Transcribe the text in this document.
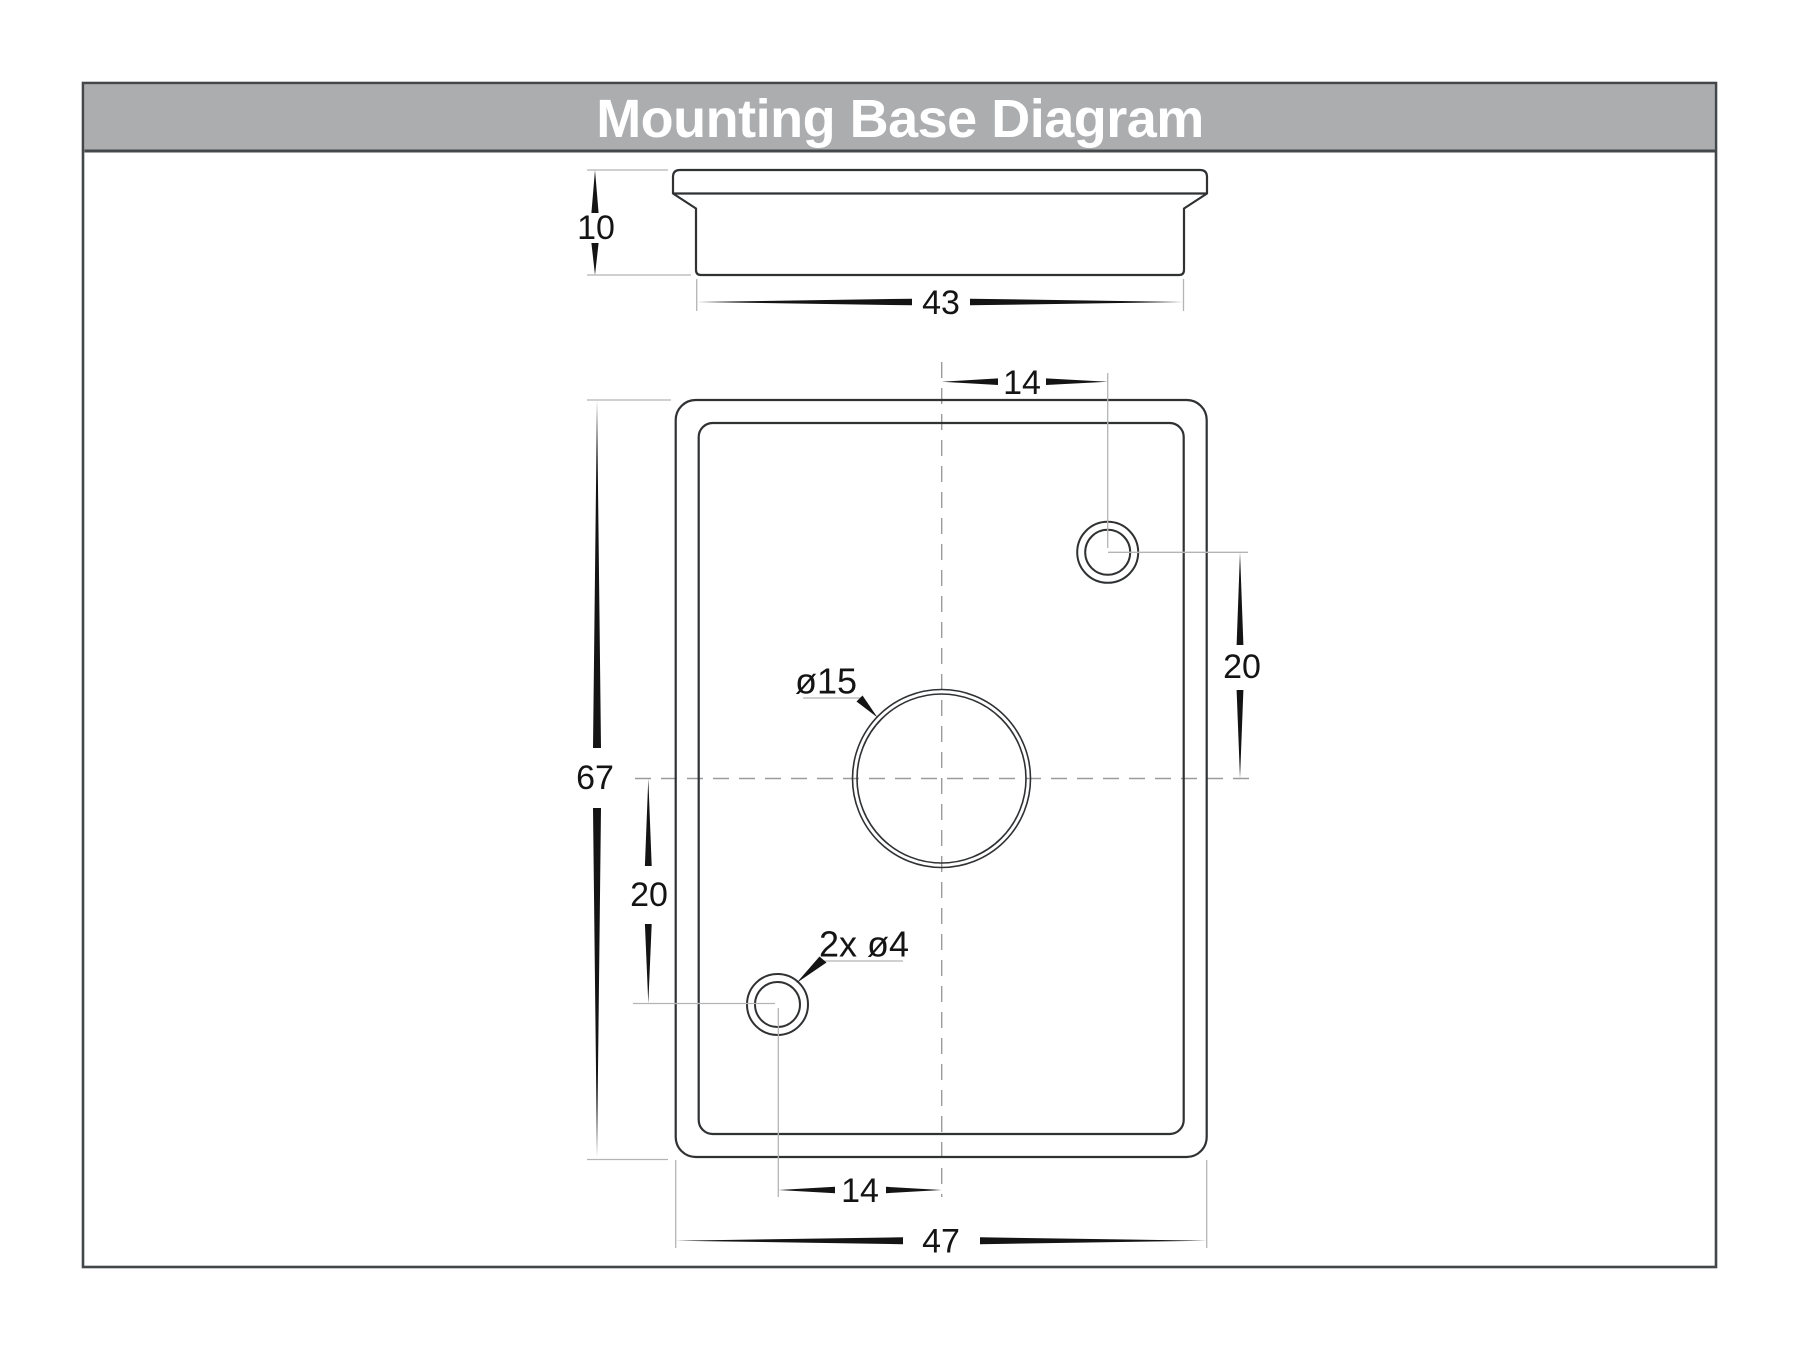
Mounting Base Diagram
10
43
14
20
67
20
14
47
ø15
2x ø4
